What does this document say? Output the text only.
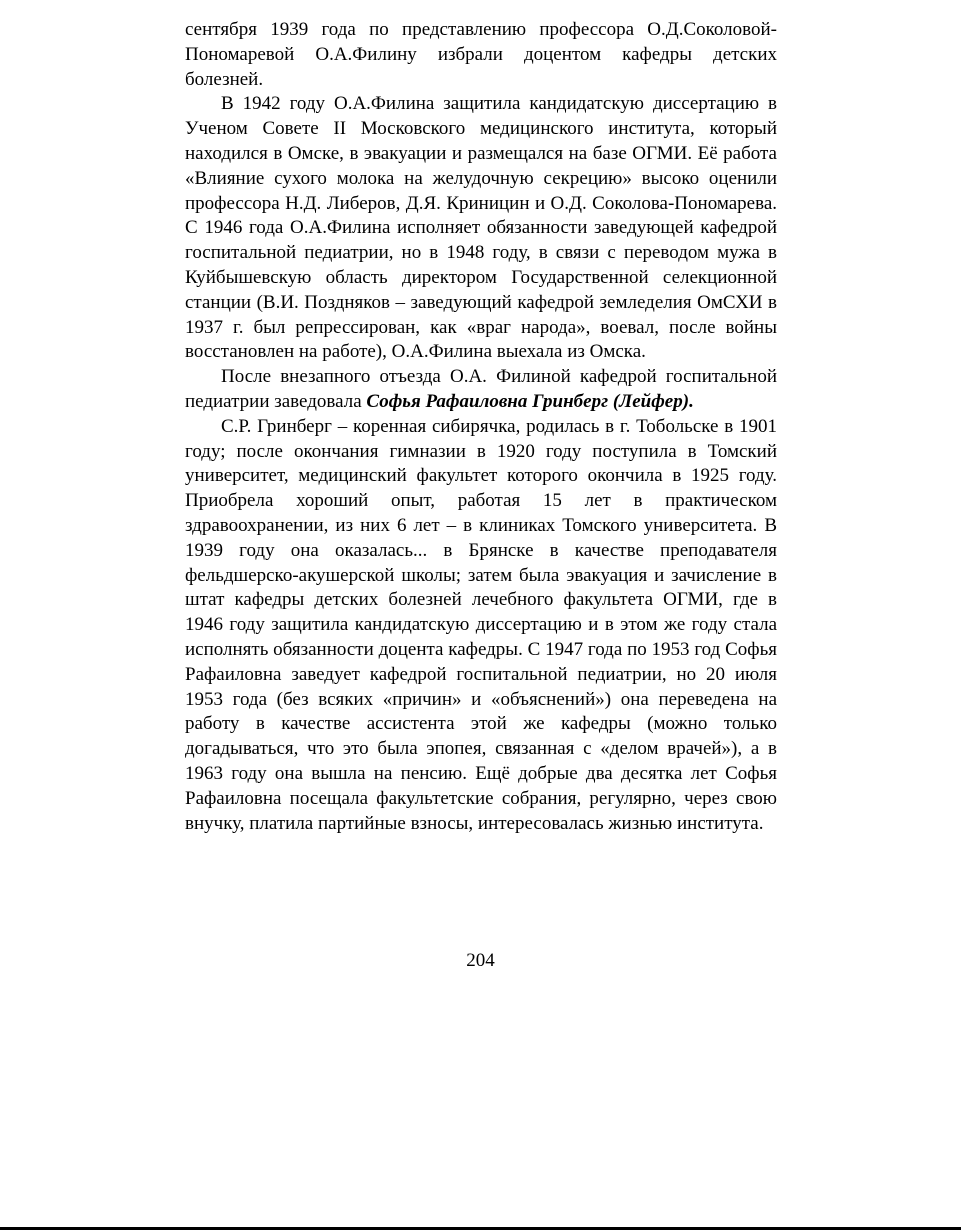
сентября 1939 года по представлению профессора О.Д.Соколовой-Пономаревой О.А.Филину избрали доцентом кафедры детских болезней.

В 1942 году О.А.Филина защитила кандидатскую диссертацию в Ученом Совете II Московского медицинского института, который находился в Омске, в эвакуации и размещался на базе ОГМИ. Её работа «Влияние сухого молока на желудочную секрецию» высоко оценили профессора Н.Д. Либеров, Д.Я. Криницин и О.Д. Соколова-Пономарева. С 1946 года О.А.Филина исполняет обязанности заведующей кафедрой госпитальной педиатрии, но в 1948 году, в связи с переводом мужа в Куйбышевскую область директором Государственной селекционной станции (В.И. Поздняков – заведующий кафедрой земледелия ОмСХИ в 1937 г. был репрессирован, как «враг народа», воевал, после войны восстановлен на работе), О.А.Филина выехала из Омска.

После внезапного отъезда О.А. Филиной кафедрой госпитальной педиатрии заведовала Софья Рафаиловна Гринберг (Лейфер).

С.Р. Гринберг – коренная сибирячка, родилась в г. Тобольске в 1901 году; после окончания гимназии в 1920 году поступила в Томский университет, медицинский факультет которого окончила в 1925 году. Приобрела хороший опыт, работая 15 лет в практическом здравоохранении, из них 6 лет – в клиниках Томского университета. В 1939 году она оказалась... в Брянске в качестве преподавателя фельдшерско-акушерской школы; затем была эвакуация и зачисление в штат кафедры детских болезней лечебного факультета ОГМИ, где в 1946 году защитила кандидатскую диссертацию и в этом же году стала исполнять обязанности доцента кафедры. С 1947 года по 1953 год Софья Рафаиловна заведует кафедрой госпитальной педиатрии, но 20 июля 1953 года (без всяких «причин» и «объяснений») она переведена на работу в качестве ассистента этой же кафедры (можно только догадываться, что это была эпопея, связанная с «делом врачей»), а в 1963 году она вышла на пенсию. Ещё добрые два десятка лет Софья Рафаиловна посещала факультетские собрания, регулярно, через свою внучку, платила партийные взносы, интересовалась жизнью института.

204
